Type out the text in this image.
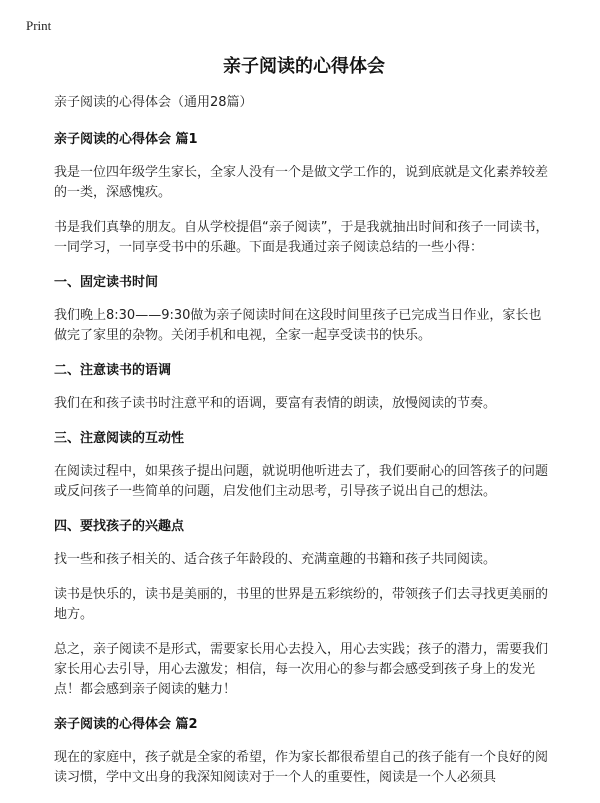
Print
亲子阅读的心得体会

亲子阅读的心得体会（通用28篇）

亲子阅读的心得体会 篇1

我是一位四年级学生家长，全家人没有一个是做文学工作的，说到底就是文化素养较差的一类，深感愧疚。

书是我们真挚的朋友。自从学校提倡“亲子阅读”，于是我就抽出时间和孩子一同读书，一同学习，一同享受书中的乐趣。下面是我通过亲子阅读总结的一些小得：

一、固定读书时间

我们晚上8:30——9:30做为亲子阅读时间在这段时间里孩子已完成当日作业，家长也做完了家里的杂物。关闭手机和电视，全家一起享受读书的快乐。

二、注意读书的语调

我们在和孩子读书时注意平和的语调，要富有表情的朗读，放慢阅读的节奏。

三、注意阅读的互动性

在阅读过程中，如果孩子提出问题，就说明他听进去了，我们要耐心的回答孩子的问题或反问孩子一些简单的问题，启发他们主动思考，引导孩子说出自己的想法。

四、要找孩子的兴趣点

找一些和孩子相关的、适合孩子年龄段的、充满童趣的书籍和孩子共同阅读。

读书是快乐的，读书是美丽的，书里的世界是五彩缤纷的，带领孩子们去寻找更美丽的地方。

总之，亲子阅读不是形式，需要家长用心去投入，用心去实践；孩子的潜力，需要我们家长用心去引导，用心去激发；相信，每一次用心的参与都会感受到孩子身上的发光点！都会感到亲子阅读的魅力！

亲子阅读的心得体会 篇2

现在的家庭中，孩子就是全家的希望，作为家长都很希望自己的孩子能有一个良好的阅读习惯，学中文出身的我深知阅读对于一个人的重要性，阅读是一个人必须具
